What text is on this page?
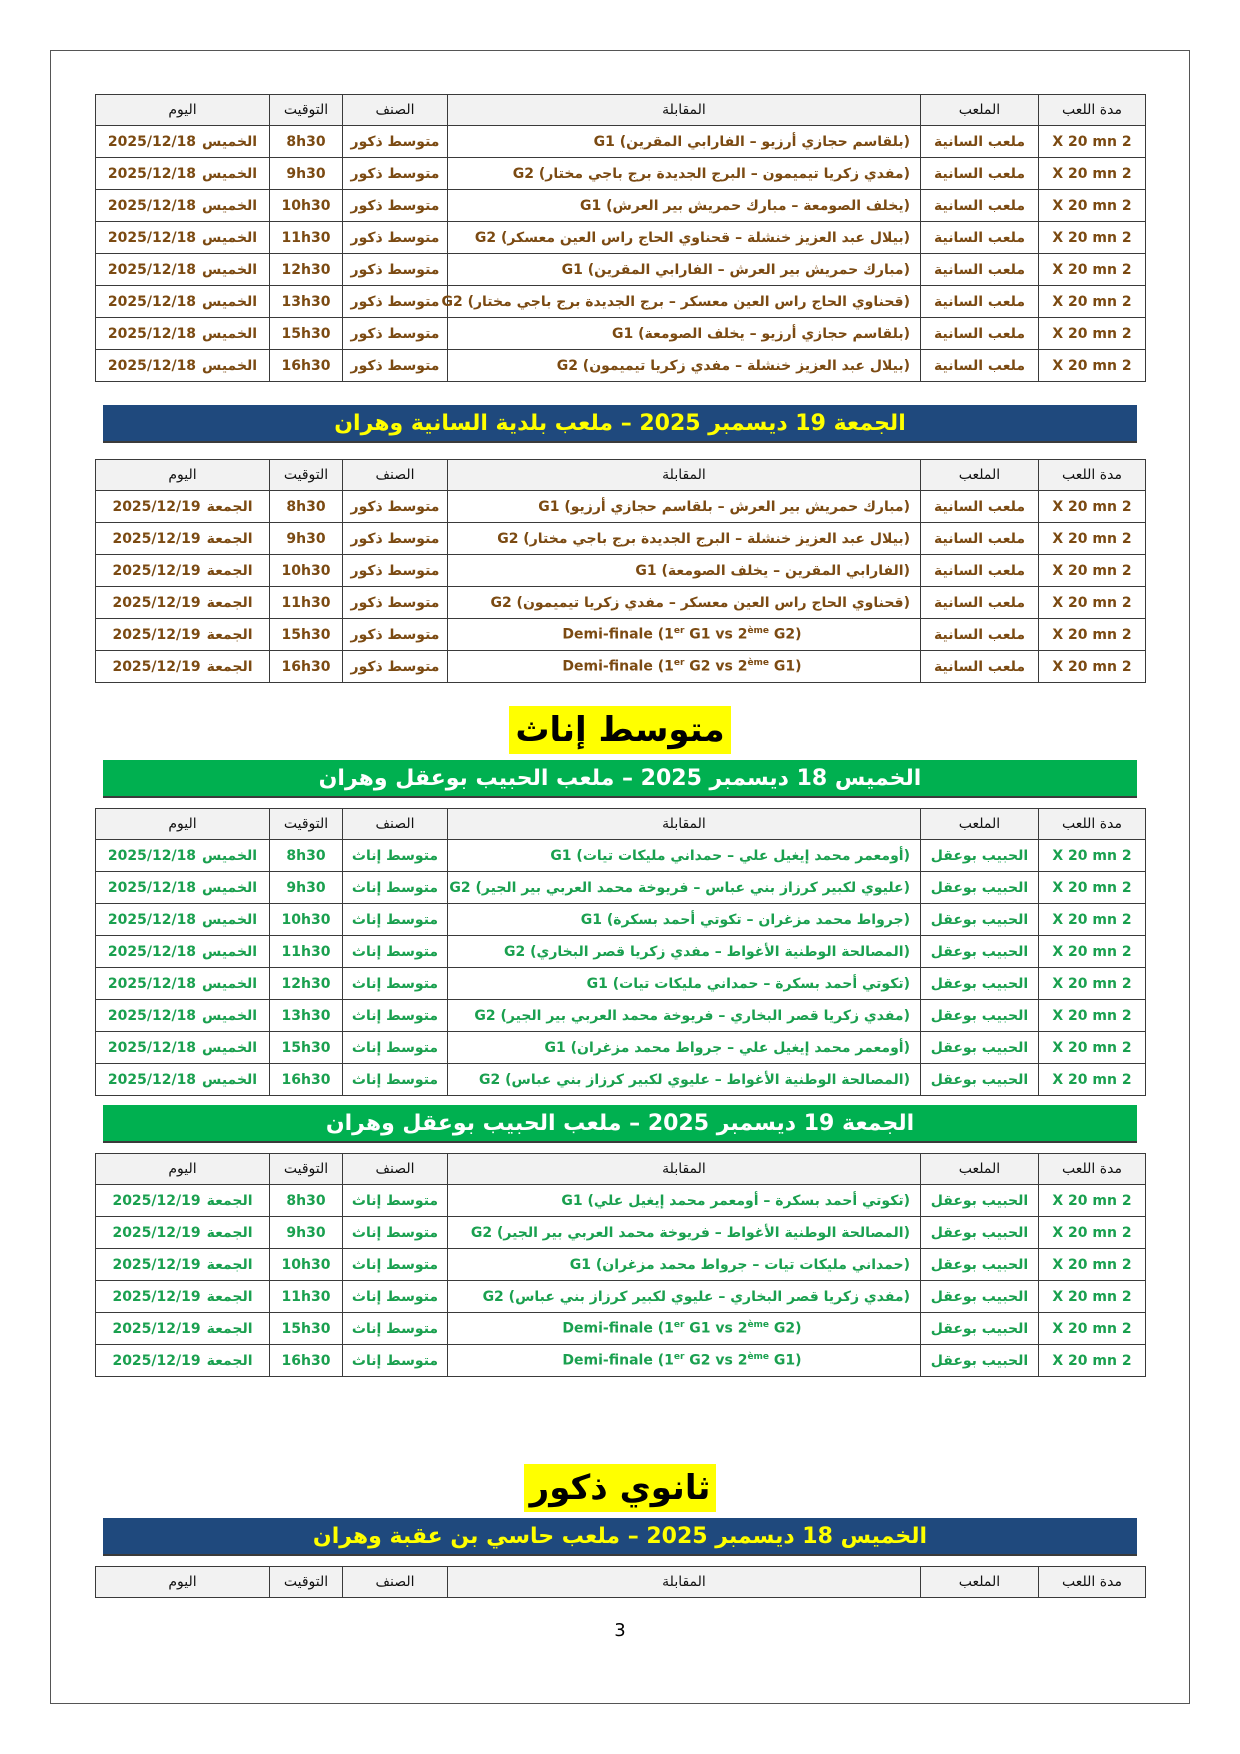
مدة اللعب	الملعب	المقابلة	الصنف	التوقيت	اليوم
2 X 20 mn	ملعب السانية	(بلقاسم حجازي أرزيو – الفارابي المقرين) G1	متوسط ذكور	8h30	الخميس2025/12/18
2 X 20 mn	ملعب السانية	(مفدي زكريا تيميمون – البرج الجديدة برج باجي مختار) G2	متوسط ذكور	9h30	الخميس2025/12/18
2 X 20 mn	ملعب السانية	(يخلف الصومعة – مبارك حمريش بير العرش) G1	متوسط ذكور	10h30	الخميس2025/12/18
2 X 20 mn	ملعب السانية	(بيلال عبد العزيز خنشلة – قحناوي الحاج راس العين معسكر) G2	متوسط ذكور	11h30	الخميس2025/12/18
2 X 20 mn	ملعب السانية	(مبارك حمريش بير العرش – الفارابي المقرين) G1	متوسط ذكور	12h30	الخميس2025/12/18
2 X 20 mn	ملعب السانية	(قحناوي الحاج راس العين معسكر – برج الجديدة برج باجي مختار) G2	متوسط ذكور	13h30	الخميس2025/12/18
2 X 20 mn	ملعب السانية	(بلقاسم حجازي أرزيو – يخلف الصومعة) G1	متوسط ذكور	15h30	الخميس2025/12/18
2 X 20 mn	ملعب السانية	(بيلال عبد العزيز خنشلة – مفدي زكريا تيميمون) G2	متوسط ذكور	16h30	الخميس2025/12/18
الجمعة 19 ديسمبر 2025 – ملعب بلدية السانية وهران
مدة اللعب	الملعب	المقابلة	الصنف	التوقيت	اليوم
2 X 20 mn	ملعب السانية	(مبارك حمريش بير العرش – بلقاسم حجازي أرزيو) G1	متوسط ذكور	8h30	الجمعة2025/12/19
2 X 20 mn	ملعب السانية	(بيلال عبد العزيز خنشلة – البرج الجديدة برج باجي مختار) G2	متوسط ذكور	9h30	الجمعة2025/12/19
2 X 20 mn	ملعب السانية	(الفارابي المقرين – يخلف الصومعة) G1	متوسط ذكور	10h30	الجمعة2025/12/19
2 X 20 mn	ملعب السانية	(قحناوي الحاج راس العين معسكر – مفدي زكريا تيميمون) G2	متوسط ذكور	11h30	الجمعة2025/12/19
2 X 20 mn	ملعب السانية	Demi-finale (1er G1 vs 2ème G2)	متوسط ذكور	15h30	الجمعة2025/12/19
2 X 20 mn	ملعب السانية	Demi-finale (1er G2 vs 2ème G1)	متوسط ذكور	16h30	الجمعة2025/12/19
متوسط إناث
الخميس 18 ديسمبر 2025 – ملعب الحبيب بوعقل وهران
مدة اللعب	الملعب	المقابلة	الصنف	التوقيت	اليوم
2 X 20 mn	الحبيب بوعقل	(أومعمر محمد إيغيل علي – حمداني مليكات تيات) G1	متوسط إناث	8h30	الخميس2025/12/18
2 X 20 mn	الحبيب بوعقل	(عليوي لكبير كرزاز بني عباس – فريوخة محمد العربي بير الجير) G2	متوسط إناث	9h30	الخميس2025/12/18
2 X 20 mn	الحبيب بوعقل	(جرواط محمد مزغران – تكوتي أحمد بسكرة) G1	متوسط إناث	10h30	الخميس2025/12/18
2 X 20 mn	الحبيب بوعقل	(المصالحة الوطنية الأغواط – مفدي زكريا قصر البخاري) G2	متوسط إناث	11h30	الخميس2025/12/18
2 X 20 mn	الحبيب بوعقل	(تكوتي أحمد بسكرة – حمداني مليكات تيات) G1	متوسط إناث	12h30	الخميس2025/12/18
2 X 20 mn	الحبيب بوعقل	(مفدي زكريا قصر البخاري – فريوخة محمد العربي بير الجير) G2	متوسط إناث	13h30	الخميس2025/12/18
2 X 20 mn	الحبيب بوعقل	(أومعمر محمد إيغيل علي – جرواط محمد مزغران) G1	متوسط إناث	15h30	الخميس2025/12/18
2 X 20 mn	الحبيب بوعقل	(المصالحة الوطنية الأغواط – عليوي لكبير كرزاز بني عباس) G2	متوسط إناث	16h30	الخميس2025/12/18
الجمعة 19 ديسمبر 2025 – ملعب الحبيب بوعقل وهران
مدة اللعب	الملعب	المقابلة	الصنف	التوقيت	اليوم
2 X 20 mn	الحبيب بوعقل	(تكوتي أحمد بسكرة – أومعمر محمد إيغيل علي) G1	متوسط إناث	8h30	الجمعة2025/12/19
2 X 20 mn	الحبيب بوعقل	(المصالحة الوطنية الأغواط – فريوخة محمد العربي بير الجير) G2	متوسط إناث	9h30	الجمعة2025/12/19
2 X 20 mn	الحبيب بوعقل	(حمداني مليكات تيات – جرواط محمد مزغران) G1	متوسط إناث	10h30	الجمعة2025/12/19
2 X 20 mn	الحبيب بوعقل	(مفدي زكريا قصر البخاري – عليوي لكبير كرزاز بني عباس) G2	متوسط إناث	11h30	الجمعة2025/12/19
2 X 20 mn	الحبيب بوعقل	Demi-finale (1er G1 vs 2ème G2)	متوسط إناث	15h30	الجمعة2025/12/19
2 X 20 mn	الحبيب بوعقل	Demi-finale (1er G2 vs 2ème G1)	متوسط إناث	16h30	الجمعة2025/12/19
ثانوي ذكور
الخميس 18 ديسمبر 2025 – ملعب حاسي بن عقبة وهران
مدة اللعب	الملعب	المقابلة	الصنف	التوقيت	اليوم
3
